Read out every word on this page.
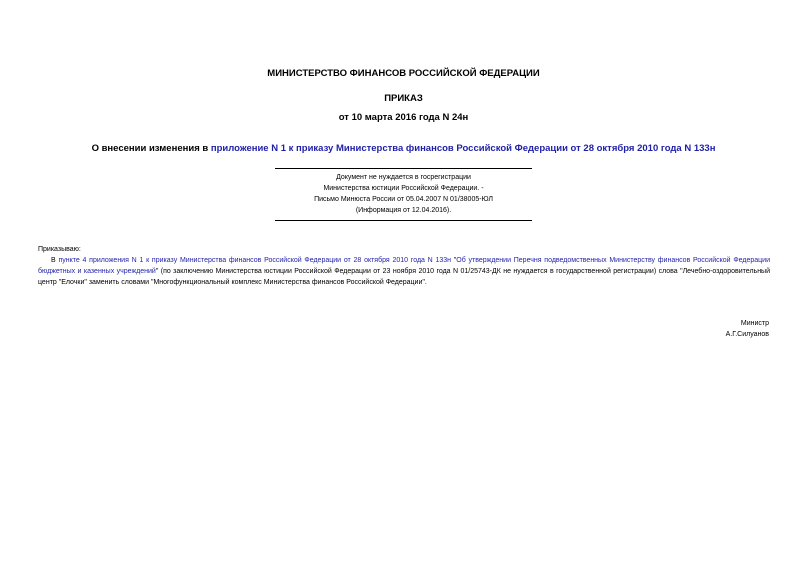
МИНИСТЕРСТВО ФИНАНСОВ РОССИЙСКОЙ ФЕДЕРАЦИИ
ПРИКАЗ
от 10 марта 2016 года N 24н
О внесении изменения в приложение N 1 к приказу Министерства финансов Российской Федерации от 28 октября 2010 года N 133н
Документ не нуждается в госрегистрации
Министерства юстиции Российской Федерации. -
Письмо Минюста России от 05.04.2007 N 01/38005-ЮЛ
(Информация от 12.04.2016).

Приказываю:

В пункте 4 приложения N 1 к приказу Министерства финансов Российской Федерации от 28 октября 2010 года N 133н "Об утверждении Перечня подведомственных Министерству финансов Российской Федерации бюджетных и казенных учреждений" (по заключению Министерства юстиции Российской Федерации от 23 ноября 2010 года N 01/25743-ДК не нуждается в государственной регистрации) слова "Лечебно-оздоровительный центр "Елочки" заменить словами "Многофункциональный комплекс Министерства финансов Российской Федерации".

Министр
А.Г.Силуанов
